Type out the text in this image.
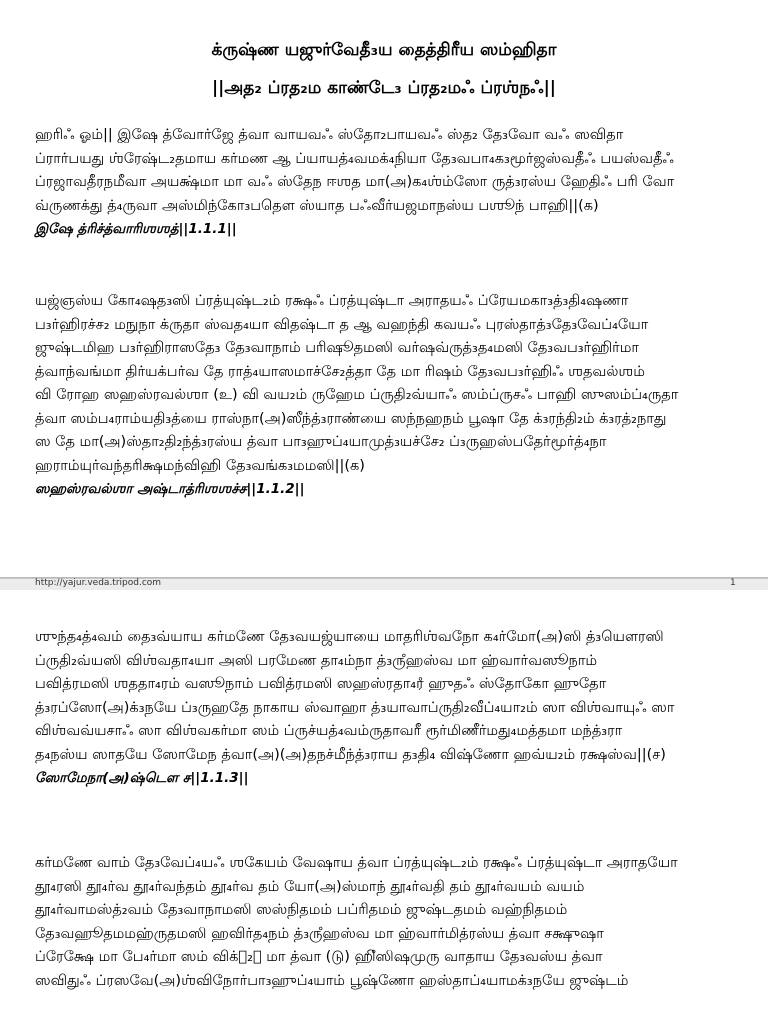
க்ருஷ்ண யஜுர்வேதீ₃ய தைத்திரீய ஸம்ஹிதா
||அத₂ ப்ரத₂ம காண்டே₃ ப்ரத₂மஃ ப்ரஶ்நஃ||
ஹரிஃ ஓம்|| இஷே த்வோர்ஜே த்வா வாயவஃ ஸ்தோ₂பாயவஃ ஸ்த₂ தே₃வோ வஃ ஸவிதா
ப்ரார்பயது ஶ்ரேஷ்ட₂தமாய கர்மண ஆ ப்யாயத்₄வமக்₄நியா தே₃வபா₄க₃மூர்ஜஸ்வதீஃ பயஸ்வதீஃ
ப்ரஜாவதீரநமீவா அயக்ஷ்மா மா வஃ ஸ்தேந ஈஶத மா(அ)க₄ஶ்ம்ஸோ ருத்₃ரஸ்ய ஹேதிஃ பரி வோ
வ்ருணக்து த்₄ருவா அஸ்மிந்கோ₃பதௌ ஸ்யாத பஃவீர்யஜமாநஸ்ய பஶூந் பாஹி||(க)
இஷே த்ரிச்த்வாரிஶஶத்||1.1.1||
யஜ்ஞஸ்ய கோ₄ஷத₃ஸி ப்ரத்யுஷ்ட₂ம் ரக்ஷஃ ப்ரத்யுஷ்டா அராதயஃ ப்ரேயமகா₃த்₃தி₄ஷணா
ப₃ர்ஹிரச்ச₂ மநுநா க்ருதா ஸ்வத₄யா விதஷ்டா த ஆ வஹந்தி கவயஃ புரஸ்தாத்₃தே₃வேப்₄யோ
ஜுஷ்டமிஹ ப₃ர்ஹிராஸதே₃ தே₃வாநாம் பரிஷூதமஸி வர்ஷவ்ருத்₃த₄மஸி தே₃வப₃ர்ஹிர்மா
த்வாந்வங்மா திர்யக்பர்வ தே ராத்₄யாஸமாச்சே₂த்தா தே மா ரிஷம் தே₃வப₃ர்ஹிஃ ஶதவல்ஶம்
வி ரோஹ ஸஹஸ்ரவல்ஶா (உ) வி வய₂ம் ருஹேம ப்ருதி₂வ்யாஃ ஸம்ப்ருசஃ பாஹி ஸுஸம்ப்₄ருதா
த்வா ஸம்ப₄ராம்யதி₃த்யை ராஸ்நா(அ)ஸீந்த்₃ராண்யை ஸந்நஹநம் பூஷா தே க்₃ரந்தி₂ம் க்₃ரத்₂நாது
ஸ தே மா(அ)ஸ்தா₂தி₂ந்த்₃ரஸ்ய த்வா பா₃ஹுப்₄யாமுத்₃யச்சே₂ ப்₃ருஹஸ்பதேர்மூர்த்₄நா
ஹராம்யுர்வந்தரிக்ஷமந்விஹி தே₃வங்க₃மமஸி||(க)
ஸஹஸ்ரவல்ஶா அஷ்டாத்ரிஶஶச்ச||1.1.2||
http://yajur.veda.tripod.com	1
ஶுந்த₄த்₄வம் தை₃வ்யாய கர்மணே தே₃வயஜ்யாயை மாதரிஶ்வநோ க₄ர்மோ(அ)ஸி த்₃யௌரஸி
ப்ருதி₂வ்யஸி விஶ்வதா₄யா அஸி பரமேண தா₄ம்நா த்₃ருஂஹஸ்வ மா ஹ்வார்வஸூநாம்
பவித்ரமஸி ஶததா₄ரம் வஸூநாம் பவித்ரமஸி ஸஹஸ்ரதா₄ரஂ ஹுதஃ ஸ்தோகோ ஹுதோ
த்₃ரப்ஸோ(அ)க்₃நயே ப்₃ருஹதே நாகாய ஸ்வாஹா த்₃யாவாப்ருதி₂வீப்₄யா₂ம் ஸா விஶ்வாயுஃ ஸா
விஶ்வவ்யசாஃ ஸா விஶ்வகர்மா ஸம் ப்ருச்யத்₄வம்ருதாவரீ ரூர்மிணீர்மது₄மத்தமா மந்த்₃ரா
த₄நஸ்ய ஸாதயே ஸோமேந த்வா(அ)(அ)தநச்மீந்த்₃ராய த₃தி₄ விஷ்ணோ ஹவ்ய₂ம் ரக்ஷஸ்வ||(ச)
ஸோமேநா(அ)ஷ்டௌ ச||1.1.3||
கர்மணே வாம் தே₃வேப்₄யஃ ஶகேயம் வேஷாய த்வா ப்ரத்யுஷ்ட₂ம் ரக்ஷஃ ப்ரத்யுஷ்டா அராதயோ
தூ₄ரஸி தூ₄ர்வ தூ₄ர்வந்தம் தூ₄ர்வ தம் யோ(அ)ஸ்மாந் தூ₄ர்வதி தம் தூ₄ர்வயம் வயம்
தூ₄ர்வாமஸ்த்₂வம் தே₃வாநாமஸி ஸஸ்நிதமம் பப்ரிதமம் ஜுஷ்டதமம் வஹ்நிதமம்
தே₃வஹூதமமஹ்ருதமஸி ஹவிர்த₄நம் த்₃ருஂஹஸ்வ மா ஹ்வார்மித்ரஸ்ய த்வா சக்ஷுஷா
ப்ரேக்ஷே மா பே₄ர்மா ஸம் விக்த₂ா மா த்வா (டு) ஹிஂஸிஷமுரு வாதாய தே₃வஸ்ய த்வா
ஸவிதுஃ ப்ரஸவே(அ)ஶ்விநோர்பா₃ஹுப்₄யாம் பூஷ்ணோ ஹஸ்தாப்₄யாமக்₃நயே ஜுஷ்டம்
